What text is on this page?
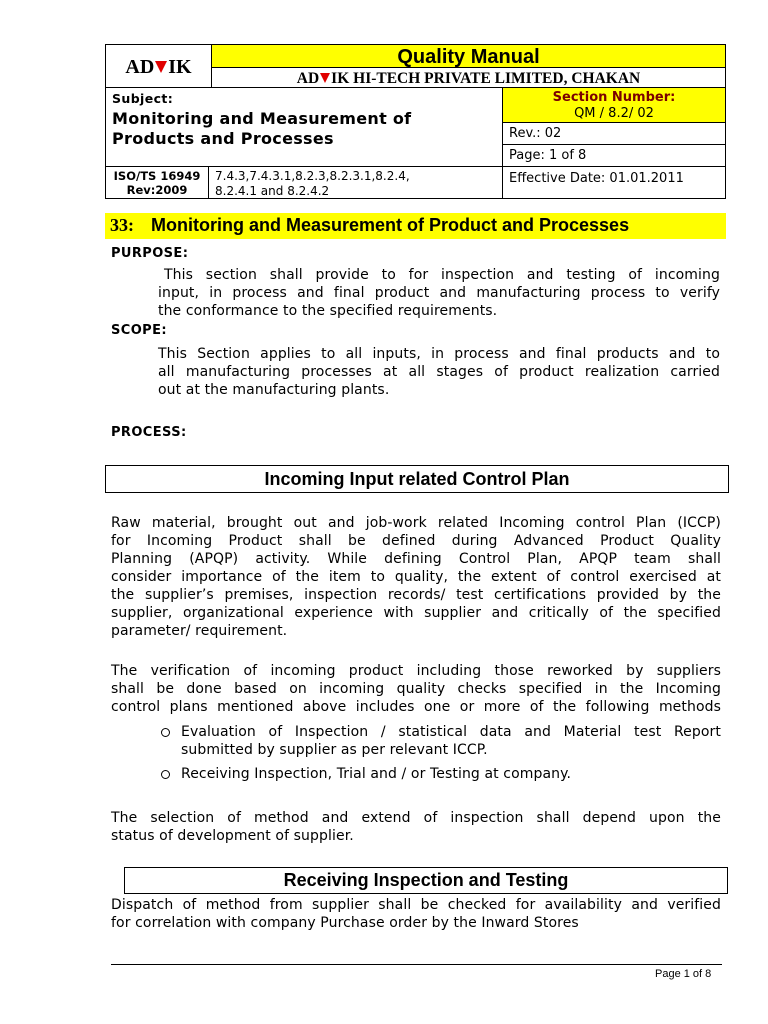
AD IK	Quality Manual
AD IK HI-TECH PRIVATE LIMITED, CHAKAN
Subject:
Monitoring and Measurement of
Products and Processes
Section Number:
QM / 8.2/ 02
Rev.: 02
Page: 1 of 8
ISO/TS 16949
Rev:2009
7.4.3,7.4.3.1,8.2.3,8.2.3.1,8.2.4,
8.2.4.1 and 8.2.4.2
Effective Date: 01.01.2011
33: Monitoring and Measurement of Product and Processes
PURPOSE:
This section shall provide to for inspection and testing of incoming
input, in process and final product and manufacturing process to verify
the conformance to the specified requirements.
SCOPE:
This Section applies to all inputs, in process and final products and to
all manufacturing processes at all stages of product realization carried
out at the manufacturing plants.
PROCESS:
Incoming Input related Control Plan
Raw material, brought out and job-work related Incoming control Plan (ICCP)
for Incoming Product shall be defined during Advanced Product Quality
Planning (APQP) activity. While defining Control Plan, APQP team shall
consider importance of the item to quality, the extent of control exercised at
the supplier’s premises, inspection records/ test certifications provided by the
supplier, organizational experience with supplier and critically of the specified
parameter/ requirement.
The verification of incoming product including those reworked by suppliers
shall be done based on incoming quality checks specified in the Incoming
control plans mentioned above includes one or more of the following methods
Evaluation of Inspection / statistical data and Material test Report
submitted by supplier as per relevant ICCP.
Receiving Inspection, Trial and / or Testing at company.
The selection of method and extend of inspection shall depend upon the
status of development of supplier.
Receiving Inspection and Testing
Dispatch of method from supplier shall be checked for availability and verified
for correlation with company Purchase order by the Inward Stores
Page 1 of 8
